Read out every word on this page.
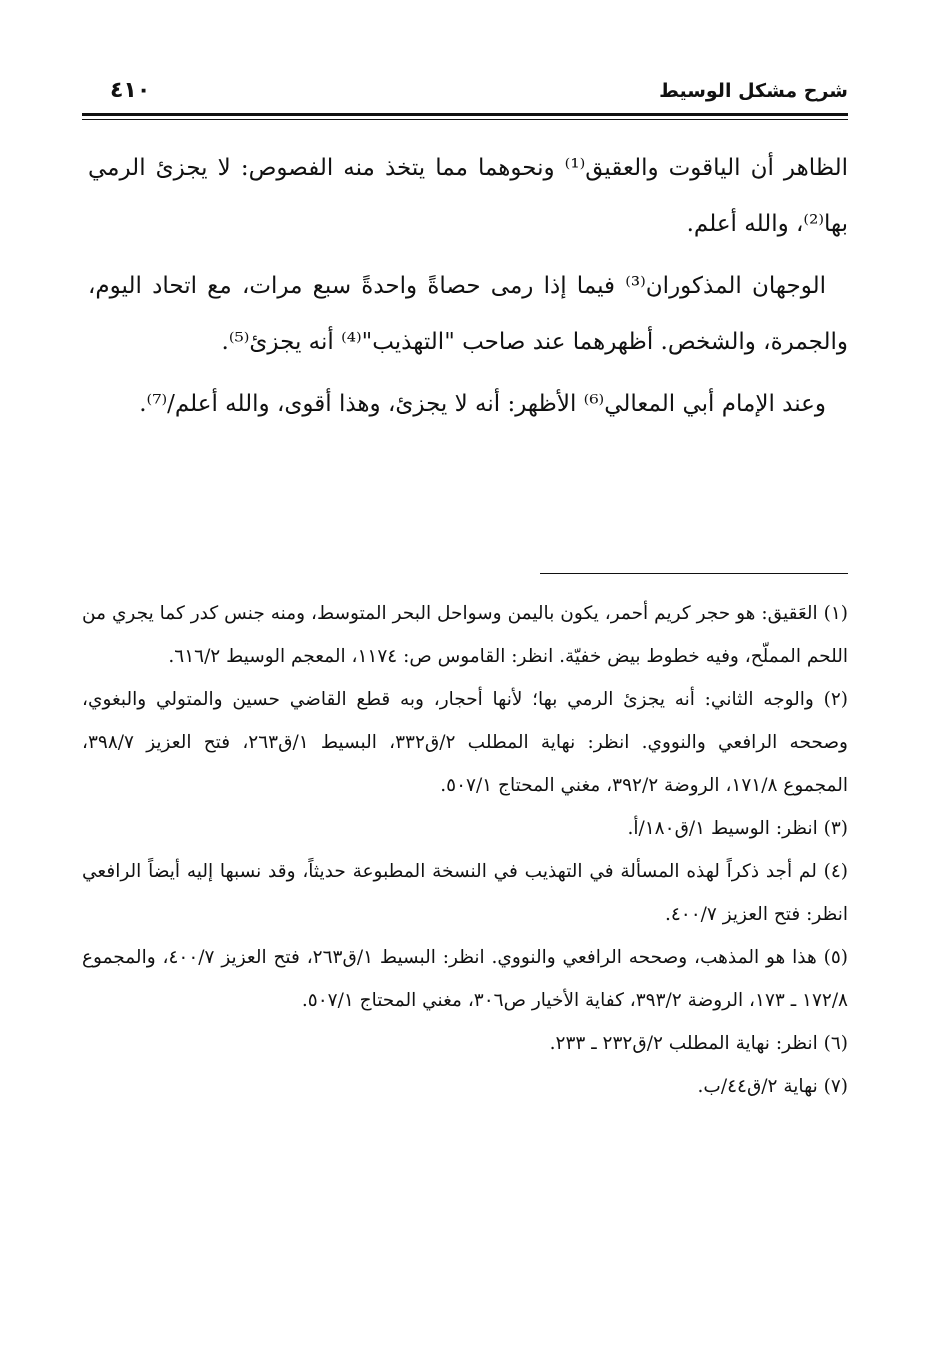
شرح مشكل الوسيط
٤١٠

الظاهر أن الياقوت والعقيق⁽¹⁾ ونحوهما مما يتخذ منه الفصوص: لا يجزئ الرمي بها⁽²⁾، والله أعلم.

الوجهان المذكوران⁽³⁾ فيما إذا رمى حصاةً واحدةً سبع مرات، مع اتحاد اليوم، والجمرة، والشخص. أظهرهما عند صاحب "التهذيب"⁽⁴⁾ أنه يجزئ⁽⁵⁾.

وعند الإمام أبي المعالي⁽⁶⁾ الأظهر: أنه لا يجزئ، وهذا أقوى، والله أعلم/⁽⁷⁾.

(١) العَقيق: هو حجر كريم أحمر، يكون باليمن وسواحل البحر المتوسط، ومنه جنس كدر كما يجري من اللحم المملّح، وفيه خطوط بيض خفيّة. انظر: القاموس ص: ١١٧٤، المعجم الوسيط ٦١٦/٢.

(٢) والوجه الثاني: أنه يجزئ الرمي بها؛ لأنها أحجار، وبه قطع القاضي حسين والمتولي والبغوي، وصححه الرافعي والنووي. انظر: نهاية المطلب ٢/ق٣٣٢، البسيط ١/ق٢٦٣، فتح العزيز ٣٩٨/٧، المجموع ١٧١/٨، الروضة ٣٩٢/٢، مغني المحتاج ٥٠٧/١.

(٣) انظر: الوسيط ١/ق١٨٠/أ.

(٤) لم أجد ذكراً لهذه المسألة في التهذيب في النسخة المطبوعة حديثاً، وقد نسبها إليه أيضاً الرافعي انظر: فتح العزيز ٤٠٠/٧.

(٥) هذا هو المذهب، وصححه الرافعي والنووي. انظر: البسيط ١/ق٢٦٣، فتح العزيز ٤٠٠/٧، والمجموع ١٧٢/٨ ـ ١٧٣، الروضة ٣٩٣/٢، كفاية الأخيار ص٣٠٦، مغني المحتاج ٥٠٧/١.

(٦) انظر: نهاية المطلب ٢/ق٢٣٢ ـ ٢٣٣.

(٧) نهاية ٢/ق٤٤/ب.
